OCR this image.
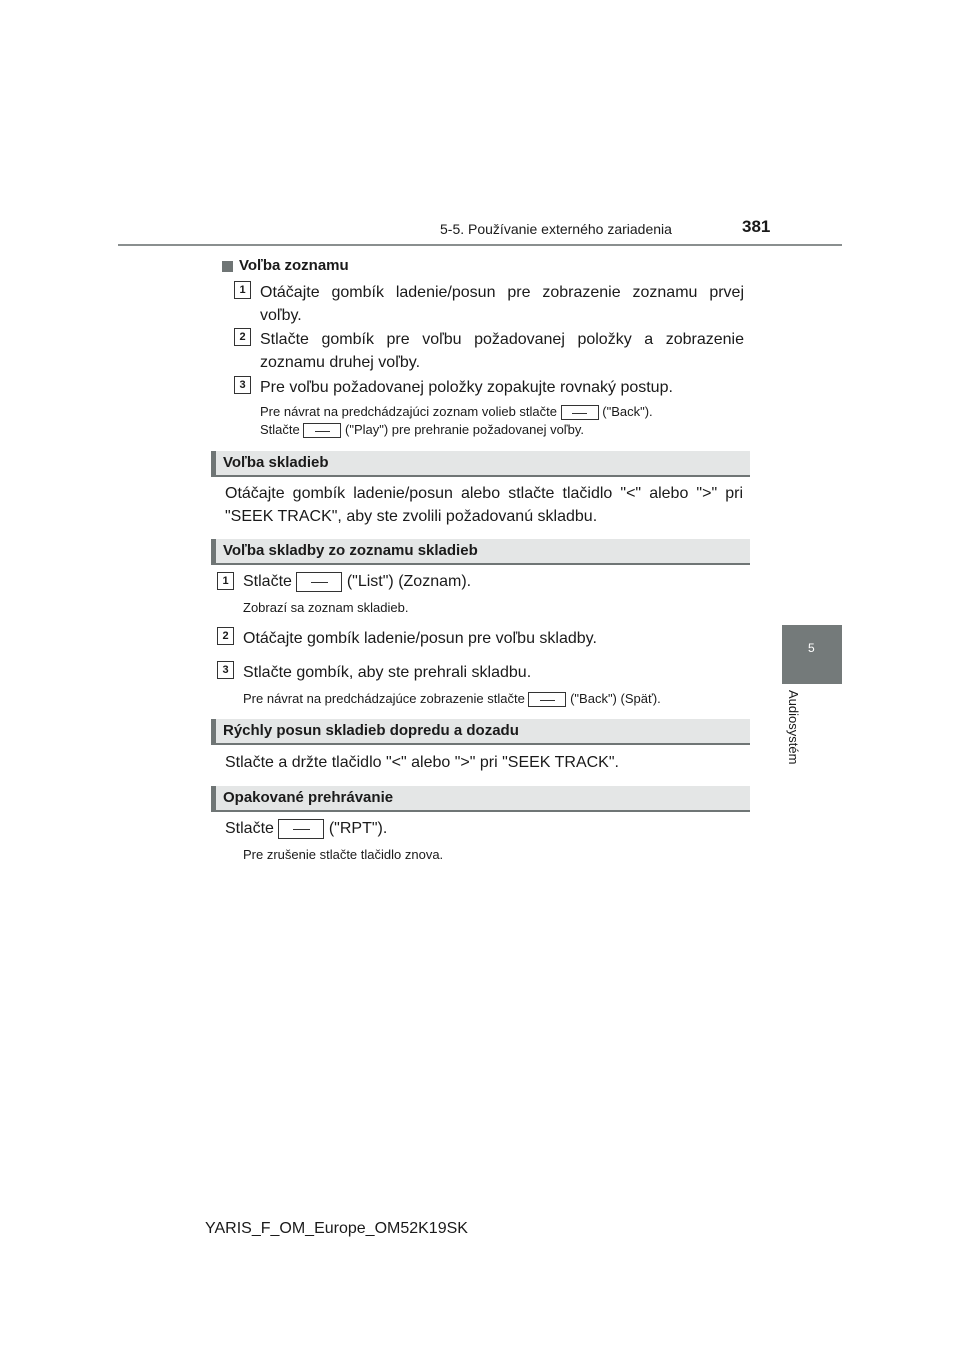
5-5. Používanie externého zariadenia	381
5
Audiosystém
Voľba zoznamu
1 Otáčajte gombík ladenie/posun pre zobrazenie zoznamu prvej voľby.
2 Stlačte gombík pre voľbu požadovanej položky a zobrazenie zoznamu druhej voľby.
3 Pre voľbu požadovanej položky zopakujte rovnaký postup.
Pre návrat na predchádzajúci zoznam volieb stlačte	("Back").
Stlačte	("Play") pre prehranie požadovanej voľby.
Voľba skladieb
Otáčajte gombík ladenie/posun alebo stlačte tlačidlo "<" alebo ">" pri "SEEK TRACK", aby ste zvolili požadovanú skladbu.
Voľba skladby zo zoznamu skladieb
1 Stlačte	("List") (Zoznam).
Zobrazí sa zoznam skladieb.
2 Otáčajte gombík ladenie/posun pre voľbu skladby.
3 Stlačte gombík, aby ste prehrali skladbu.
Pre návrat na predchádzajúce zobrazenie stlačte	("Back") (Späť).
Rýchly posun skladieb dopredu a dozadu
Stlačte a držte tlačidlo "<" alebo ">" pri "SEEK TRACK".
Opakované prehrávanie
Stlačte	("RPT").
Pre zrušenie stlačte tlačidlo znova.
YARIS_F_OM_Europe_OM52K19SK
